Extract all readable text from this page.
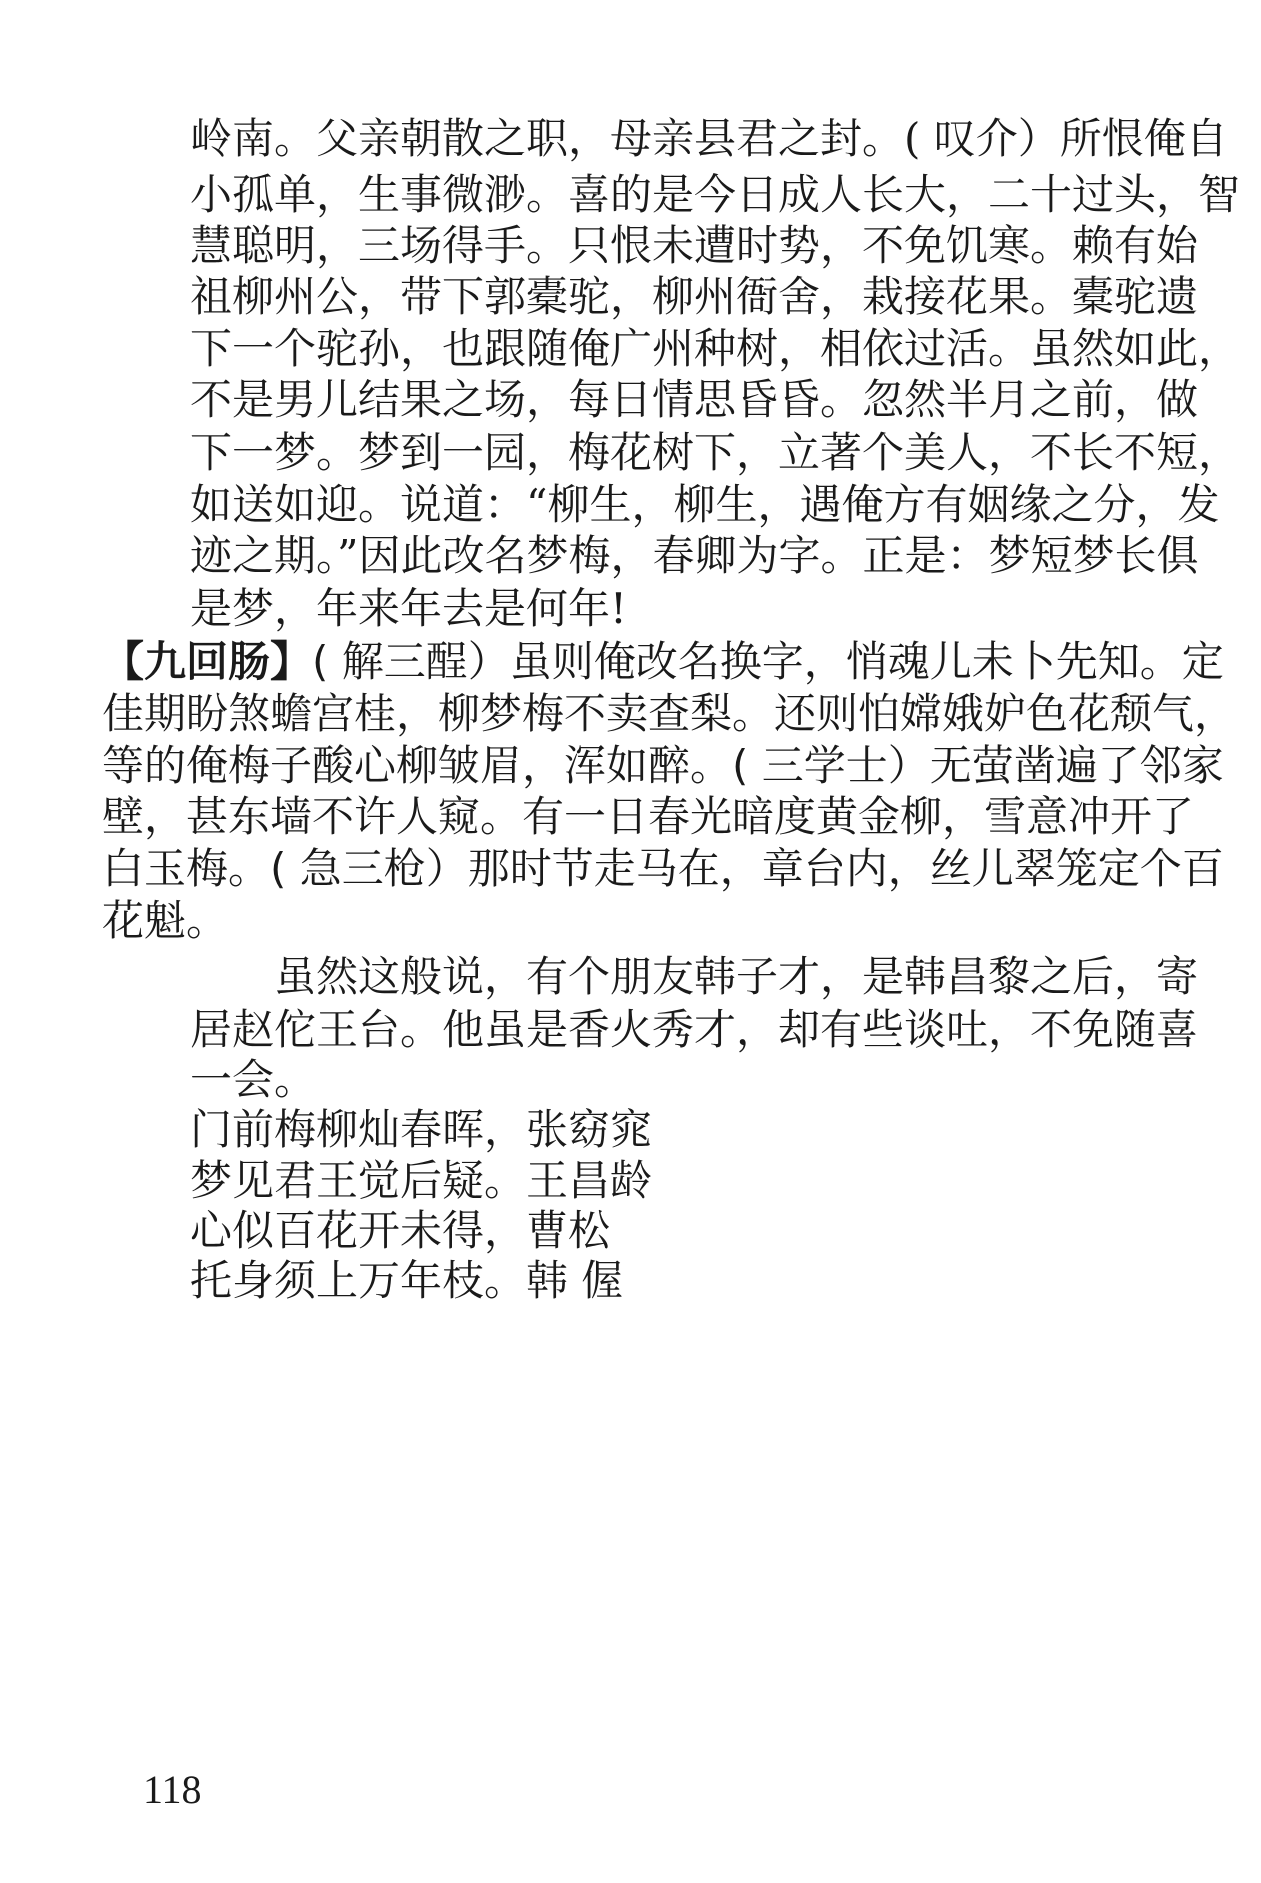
岭南。父亲朝散之职，母亲县君之封。( 叹介）所恨俺自
小孤单，生事微渺。喜的是今日成人长大，二十过头，智
慧聪明，三场得手。只恨未遭时势，不免饥寒。赖有始
祖柳州公，带下郭橐驼，柳州衙舍，栽接花果。橐驼遗
下一个驼孙，也跟随俺广州种树，相依过活。虽然如此，
不是男儿结果之场，每日情思昏昏。忽然半月之前，做
下一梦。梦到一园，梅花树下，立著个美人，不长不短，
如送如迎。说道：“柳生，柳生，遇俺方有姻缘之分，发
迹之期。”因此改名梦梅，春卿为字。正是：梦短梦长俱
是梦，年来年去是何年!
【九回肠】( 解三酲）虽则俺改名换字，悄魂儿未卜先知。定
佳期盼煞蟾宫桂，柳梦梅不卖查梨。还则怕嫦娥妒色花颓气，
等的俺梅子酸心柳皱眉，浑如醉。( 三学士）无萤凿遍了邻家
壁，甚东墙不许人窥。有一日春光暗度黄金柳，雪意冲开了
白玉梅。( 急三枪）那时节走马在，章台内，丝儿翠笼定个百
花魁。
　　虽然这般说，有个朋友韩子才，是韩昌黎之后，寄
居赵佗王台。他虽是香火秀才，却有些谈吐，不免随喜
一会。
门前梅柳灿春晖，张窈窕
梦见君王觉后疑。王昌龄
心似百花开未得，曹松
托身须上万年枝。韩 偓
118
